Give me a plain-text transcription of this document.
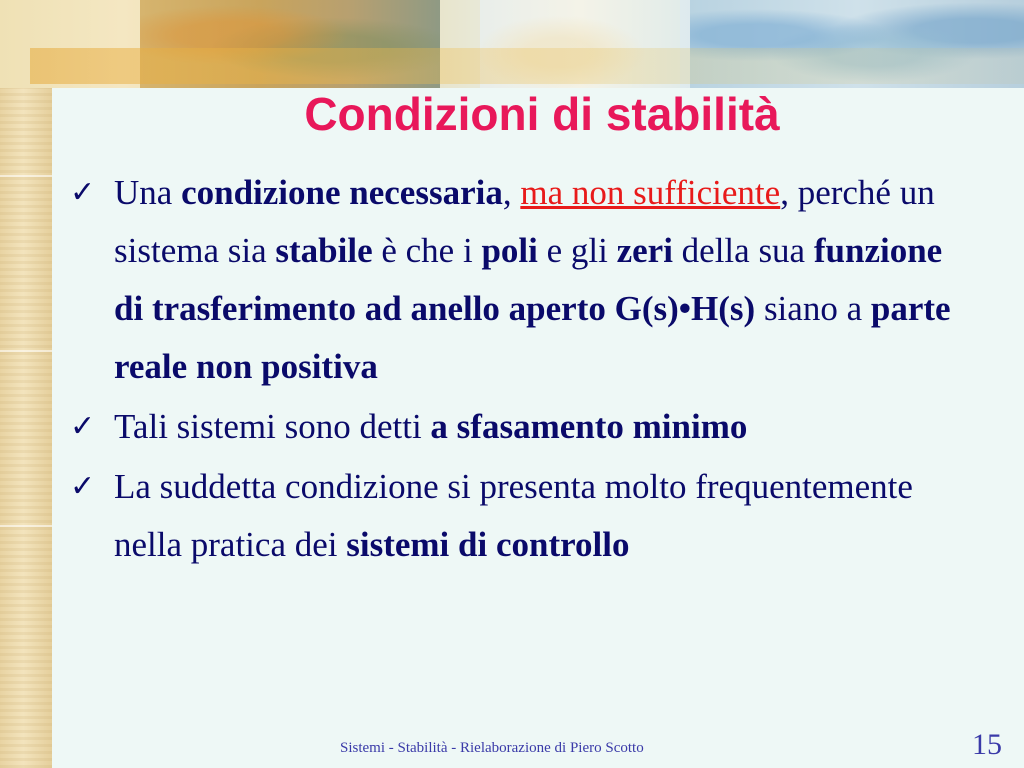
Condizioni di stabilità
✓ Una condizione necessaria, ma non sufficiente, perché un sistema sia stabile è che i poli e gli zeri della sua funzione di trasferimento ad anello aperto G(s)•H(s) siano a parte reale non positiva
✓ Tali sistemi sono detti a sfasamento minimo
✓ La suddetta condizione si presenta molto frequentemente nella pratica dei sistemi di controllo
Sistemi - Stabilità - Rielaborazione di Piero Scotto	15
